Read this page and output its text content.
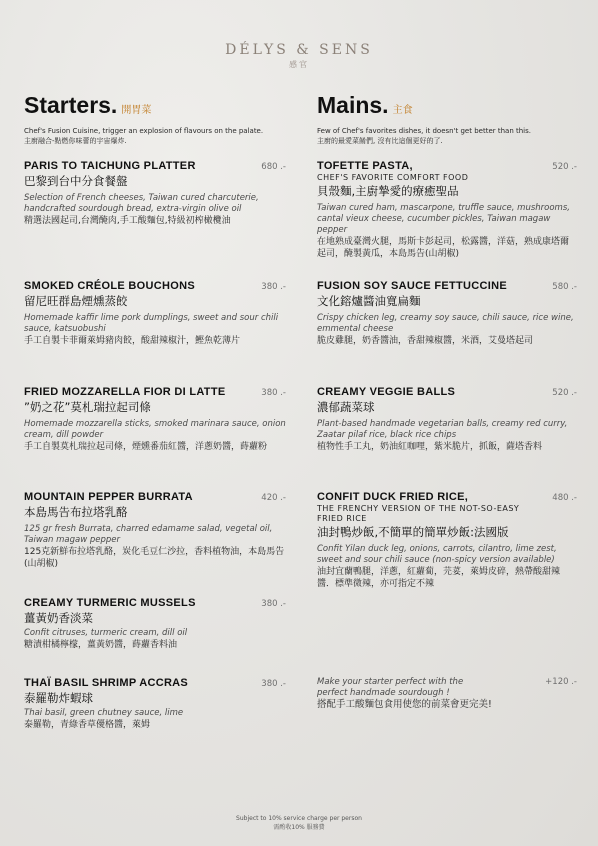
DÉLYS & SENS
感官
Starters. 開胃菜
Chef's Fusion Cuisine, trigger an explosion of flavours on the palate.
主廚融合-點燃你味蕾的宇宙爆炸.
PARIS TO TAICHUNG PLATTER	680 .-
巴黎到台中分食餐盤
Selection of French cheeses, Taiwan cured charcuterie, handcrafted sourdough bread, extra-virgin olive oil
精選法國起司,台灣醃肉,手工酸麵包,特級初榨橄欖油
SMOKED CRÉOLE BOUCHONS	380 .-
留尼旺群島煙燻蒸餃
Homemade kaffir lime pork dumplings, sweet and sour chili sauce, katsuobushi
手工自製卡菲爾萊姆豬肉餃，酸甜辣椒汁，鰹魚乾薄片
FRIED MOZZARELLA FIOR DI LATTE	380 .-
”奶之花”莫札瑞拉起司條
Homemade mozzarella sticks, smoked marinara sauce, onion cream, dill powder
手工自製莫札瑞拉起司條，煙燻番茄紅醬，洋蔥奶醬，蒔蘿粉
MOUNTAIN PEPPER BURRATA	420 .-
本島馬告布拉塔乳酪
125 gr fresh Burrata, charred edamame salad, vegetal oil, Taiwan magaw pepper
125克新鮮布拉塔乳酪，炭化毛豆仁沙拉，香料植物油，本島馬告(山胡椒)
CREAMY TURMERIC MUSSELS	380 .-
薑黃奶香淡菜
Confit citruses, turmeric cream, dill oil
糖漬柑橘檸檬，薑黃奶醬，蒔蘿香料油
THAÏ BASIL SHRIMP ACCRAS	380 .-
泰羅勒炸蝦球
Thai basil, green chutney sauce, lime
泰羅勒，青綠香草優格醬，萊姆
Mains. 主食
Few of Chef's favorites dishes, it doesn't get better than this.
主廚的最愛菜餚們, 沒有比這個更好的了.
TOFETTE PASTA,	520 .-
CHEF'S FAVORITE COMFORT FOOD
貝殼麵,主廚摯愛的療癒聖品
Taiwan cured ham, mascarpone, truffle sauce, mushrooms, cantal vieux cheese, cucumber pickles, Taiwan magaw pepper
在地熟成臺灣火腿，馬斯卡彭起司，松露醬，洋菇，熟成康塔爾起司，醃製黃瓜，本島馬告(山胡椒)
FUSION SOY SAUCE FETTUCCINE	580 .-
文化鎔爐醬油寬扁麵
Crispy chicken leg, creamy soy sauce, chili sauce, rice wine, emmental cheese
脆皮雞腿，奶香醬油，香甜辣椒醬，米酒，艾曼塔起司
CREAMY VEGGIE BALLS	520 .-
濃郁蔬菜球
Plant-based handmade vegetarian balls, creamy red curry, Zaatar pilaf rice, black rice chips
植物性手工丸，奶油紅咖哩，紫米脆片，抓飯，薩塔香料
CONFIT DUCK FRIED RICE,	480 .-
THE FRENCHY VERSION OF THE NOT-SO-EASY FRIED RICE
油封鴨炒飯,不簡單的簡單炒飯:法國版
Confit Yilan duck leg, onions, carrots, cilantro, lime zest, sweet and sour chili sauce (non-spicy version available)
油封宜蘭鴨腿，洋蔥，紅蘿蔔，芫荽，萊姆皮碎，熱帶酸甜辣醬．標準微辣，亦可指定不辣
Make your starter perfect with the perfect handmade sourdough !
+120 .-
搭配手工酸麵包食用使您的前菜會更完美!
Subject to 10% service charge per person
需酌收10% 服務費
